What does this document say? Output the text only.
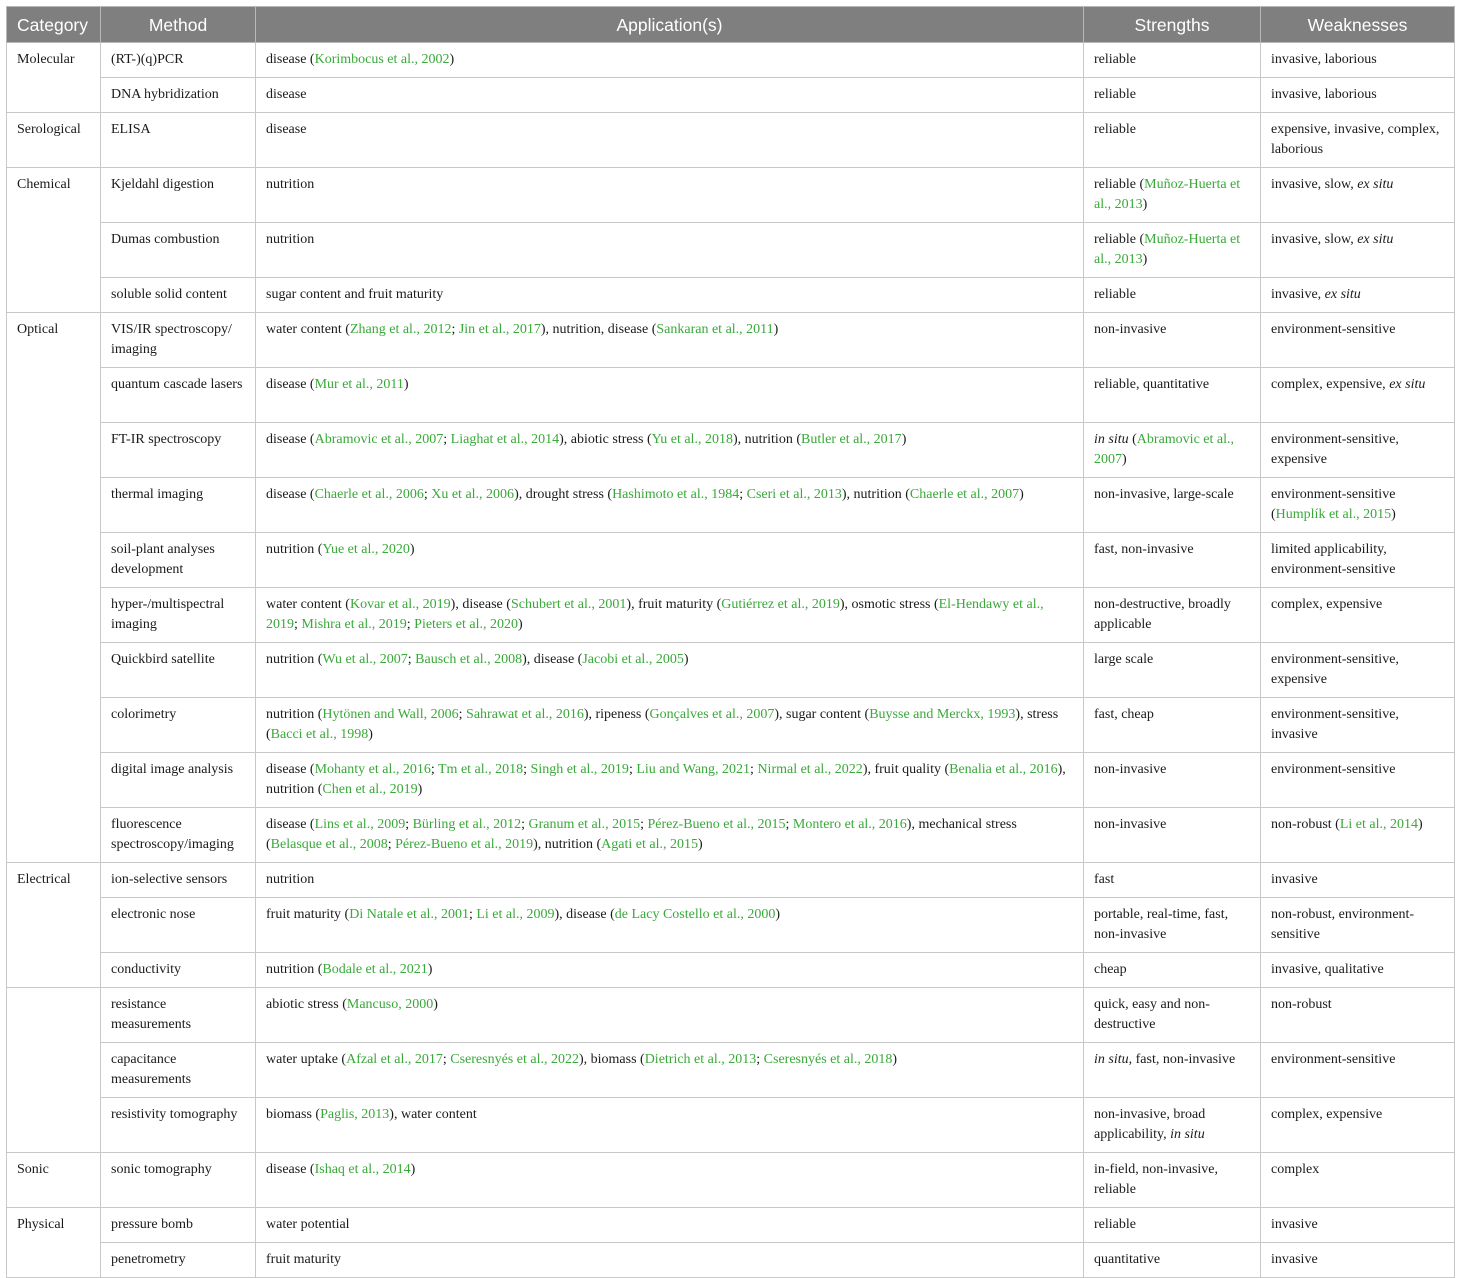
Category	Method	Application(s)	Strengths	Weaknesses
Molecular	(RT-)(q)PCR	disease (Korimbocus et al., 2002)	reliable	invasive, laborious
	DNA hybridization	disease	reliable	invasive, laborious
Serological	ELISA	disease	reliable	expensive, invasive, complex, laborious
Chemical	Kjeldahl digestion	nutrition	reliable (Muñoz-Huerta et al., 2013)	invasive, slow, ex situ
	Dumas combustion	nutrition	reliable (Muñoz-Huerta et al., 2013)	invasive, slow, ex situ
	soluble solid content	sugar content and fruit maturity	reliable	invasive, ex situ
Optical	VIS/IR spectroscopy/ imaging	water content (Zhang et al., 2012; Jin et al., 2017), nutrition, disease (Sankaran et al., 2011)	non-invasive	environment-sensitive
	quantum cascade lasers	disease (Mur et al., 2011)	reliable, quantitative	complex, expensive, ex situ
	FT-IR spectroscopy	disease (Abramovic et al., 2007; Liaghat et al., 2014), abiotic stress (Yu et al., 2018), nutrition (Butler et al., 2017)	in situ (Abramovic et al., 2007)	environment-sensitive, expensive
	thermal imaging	disease (Chaerle et al., 2006; Xu et al., 2006), drought stress (Hashimoto et al., 1984; Cseri et al., 2013), nutrition (Chaerle et al., 2007)	non-invasive, large-scale	environment-sensitive (Humplík et al., 2015)
	soil-plant analyses development	nutrition (Yue et al., 2020)	fast, non-invasive	limited applicability, environment-sensitive
	hyper-/multispectral imaging	water content (Kovar et al., 2019), disease (Schubert et al., 2001), fruit maturity (Gutiérrez et al., 2019), osmotic stress (El-Hendawy et al., 2019; Mishra et al., 2019; Pieters et al., 2020)	non-destructive, broadly applicable	complex, expensive
	Quickbird satellite	nutrition (Wu et al., 2007; Bausch et al., 2008), disease (Jacobi et al., 2005)	large scale	environment-sensitive, expensive
	colorimetry	nutrition (Hytönen and Wall, 2006; Sahrawat et al., 2016), ripeness (Gonçalves et al., 2007), sugar content (Buysse and Merckx, 1993), stress (Bacci et al., 1998)	fast, cheap	environment-sensitive, invasive
	digital image analysis	disease (Mohanty et al., 2016; Tm et al., 2018; Singh et al., 2019; Liu and Wang, 2021; Nirmal et al., 2022), fruit quality (Benalia et al., 2016), nutrition (Chen et al., 2019)	non-invasive	environment-sensitive
	fluorescence spectroscopy/imaging	disease (Lins et al., 2009; Bürling et al., 2012; Granum et al., 2015; Pérez-Bueno et al., 2015; Montero et al., 2016), mechanical stress (Belasque et al., 2008; Pérez-Bueno et al., 2019), nutrition (Agati et al., 2015)	non-invasive	non-robust (Li et al., 2014)
Electrical	ion-selective sensors	nutrition	fast	invasive
	electronic nose	fruit maturity (Di Natale et al., 2001; Li et al., 2009), disease (de Lacy Costello et al., 2000)	portable, real-time, fast, non-invasive	non-robust, environment-sensitive
	conductivity	nutrition (Bodale et al., 2021)	cheap	invasive, qualitative
	resistance measurements	abiotic stress (Mancuso, 2000)	quick, easy and non-destructive	non-robust
	capacitance measurements	water uptake (Afzal et al., 2017; Cseresnyés et al., 2022), biomass (Dietrich et al., 2013; Cseresnyés et al., 2018)	in situ, fast, non-invasive	environment-sensitive
	resistivity tomography	biomass (Paglis, 2013), water content	non-invasive, broad applicability, in situ	complex, expensive
Sonic	sonic tomography	disease (Ishaq et al., 2014)	in-field, non-invasive, reliable	complex
Physical	pressure bomb	water potential	reliable	invasive
	penetrometry	fruit maturity	quantitative	invasive
